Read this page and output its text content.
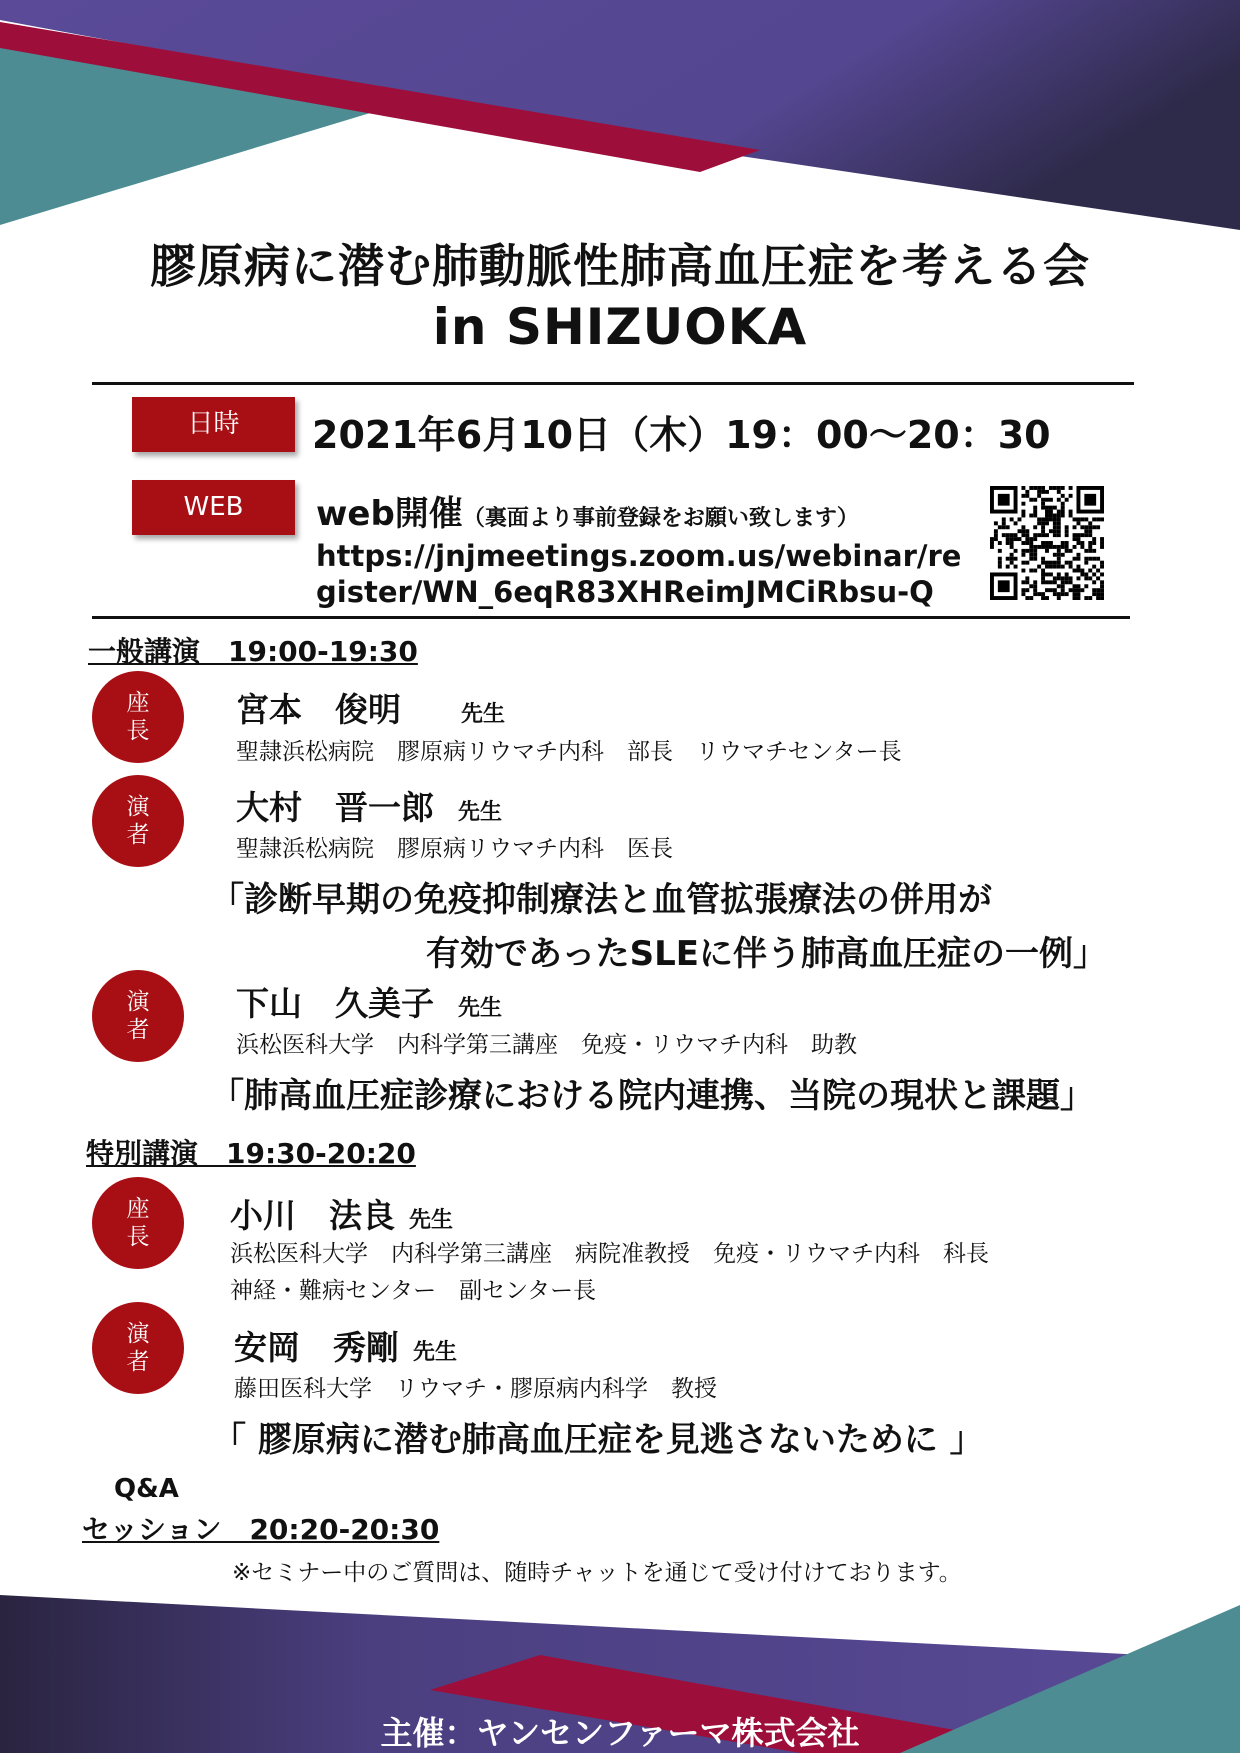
膠原病に潜む肺動脈性肺高血圧症を考える会
in SHIZUOKA
日時	2021年6月10日（木）19：00～20：30
WEB	web開催（裏面より事前登録をお願い致します）
https://jnjmeetings.zoom.us/webinar/re
gister/WN_6eqR83XHReimJMCiRbsu-Q
一般講演　19:00-19:30
座
長
宮本　俊明	先生
聖隷浜松病院　膠原病リウマチ内科　部長　リウマチセンター長
演
者
大村　晋一郎 先生
聖隷浜松病院　膠原病リウマチ内科　医長
「診断早期の免疫抑制療法と血管拡張療法の併用が
有効であったSLEに伴う肺高血圧症の一例」
演
者
下山　久美子 先生
浜松医科大学　内科学第三講座　免疫・リウマチ内科　助教
「肺高血圧症診療における院内連携、当院の現状と課題」
特別講演　19:30-20:20
座
長
小川　法良 先生
浜松医科大学　内科学第三講座　病院准教授　免疫・リウマチ内科　科長
神経・難病センター　副センター長
演
者	安岡　秀剛 先生
藤田医科大学　リウマチ・膠原病内科学　教授
「 膠原病に潜む肺高血圧症を見逃さないために 」
Q&A
セッション　20:20-20:30
※セミナー中のご質問は、随時チャットを通じて受け付けております。
主催：ヤンセンファーマ株式会社
